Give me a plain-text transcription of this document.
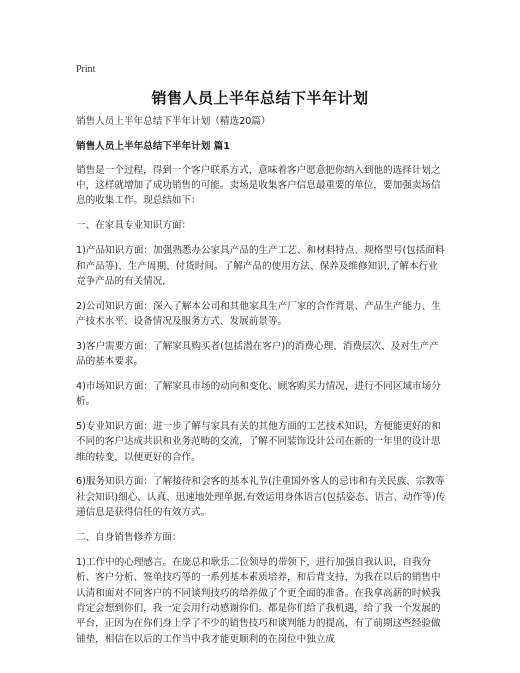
Print
销售人员上半年总结下半年计划

销售人员上半年总结下半年计划（精选20篇）

销售人员上半年总结下半年计划 篇1

销售是一个过程，得到一个客户联系方式，意味着客户愿意把你纳入到他的选择计划之中，这样就增加了成功销售的可能。卖场是收集客户信息最重要的单位，要加强卖场信息的收集工作。现总结如下：

一、在家具专业知识方面：

1)产品知识方面：加强熟悉办公家具产品的生产工艺、和材料特点、规格型号(包括面料和产品等)、生产周期、付货时间。了解产品的使用方法、保养及维修知识,了解本行业竞争产品的有关情况,

2)公司知识方面：深入了解本公司和其他家具生产厂家的合作背景、产品生产能力、生产技术水平、设备情况及服务方式、发展前景等。

3)客户需要方面：了解家具购买者(包括潜在客户)的消费心理、消费层次、及对生产产品的基本要求。

4)市场知识方面：了解家具市场的动向和变化、顾客购买力情况，进行不同区域市场分析。

5)专业知识方面：进一步了解与家具有关的其他方面的工艺技术知识，方便能更好的和不同的客户达成共识和业务范畴的交流，了解不同装饰设计公司在新的一年里的设计思维的转变，以便更好的合作。

6)服务知识方面：了解接待和会客的基本礼节(注重国外客人的忌讳和有关民族、宗教等社会知识)细心、认真、迅速地处理单据,有效运用身体语言(包括姿态、语言、动作等)传递信息是获得信任的有效方式。

二、自身销售修养方面：

1)工作中的心理感言。在庞总和耿乐二位领导的带领下，进行加强自我认识，自我分析、客户分析、签单技巧等的一系列基本素质培养，和后背支持，为我在以后的销售中认清和面对不同客户的不同谈判技巧的培养做了个更全面的准备。在我拿高薪的时候我肯定会想到你们，我一定会用行动感谢你们。都是你们给了我机遇，给了我一个发展的平台，正因为在你们身上学了不少的销售技巧和谈判能力的提高，有了前期这些经验做铺垫，相信在以后的工作当中我才能更顺利的在岗位中独立成
